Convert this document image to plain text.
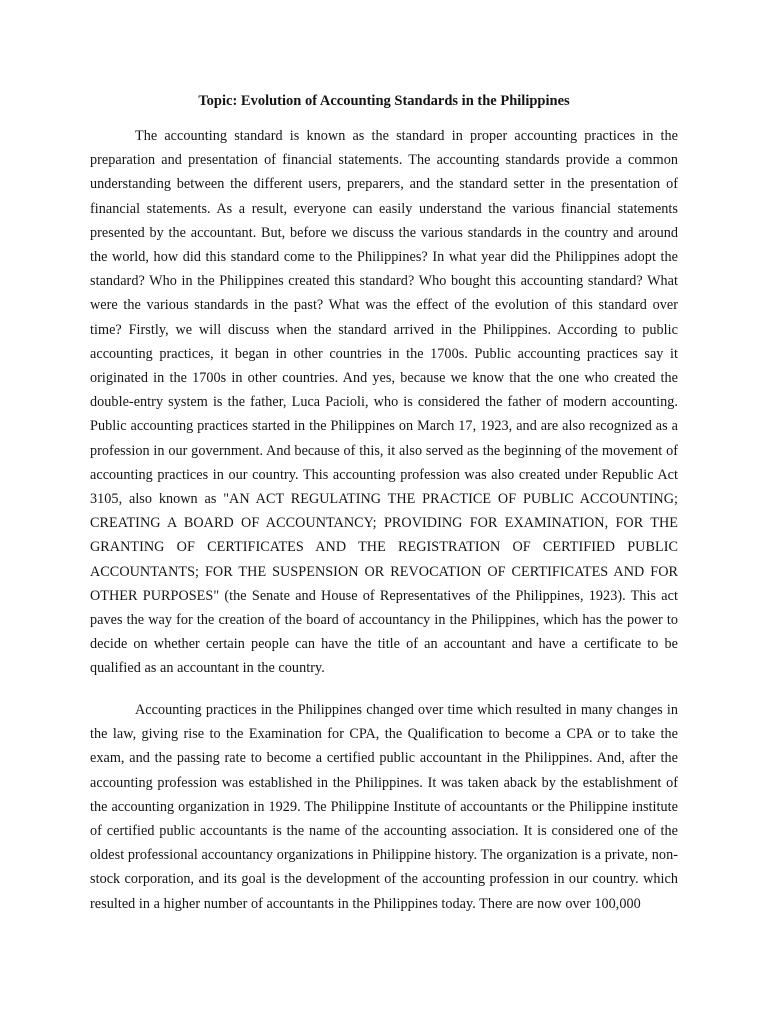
Topic: Evolution of Accounting Standards in the Philippines

The accounting standard is known as the standard in proper accounting practices in the preparation and presentation of financial statements. The accounting standards provide a common understanding between the different users, preparers, and the standard setter in the presentation of financial statements. As a result, everyone can easily understand the various financial statements presented by the accountant. But, before we discuss the various standards in the country and around the world, how did this standard come to the Philippines? In what year did the Philippines adopt the standard? Who in the Philippines created this standard? Who bought this accounting standard? What were the various standards in the past? What was the effect of the evolution of this standard over time? Firstly, we will discuss when the standard arrived in the Philippines. According to public accounting practices, it began in other countries in the 1700s. Public accounting practices say it originated in the 1700s in other countries. And yes, because we know that the one who created the double-entry system is the father, Luca Pacioli, who is considered the father of modern accounting. Public accounting practices started in the Philippines on March 17, 1923, and are also recognized as a profession in our government. And because of this, it also served as the beginning of the movement of accounting practices in our country. This accounting profession was also created under Republic Act 3105, also known as "AN ACT REGULATING THE PRACTICE OF PUBLIC ACCOUNTING; CREATING A BOARD OF ACCOUNTANCY; PROVIDING FOR EXAMINATION, FOR THE GRANTING OF CERTIFICATES AND THE REGISTRATION OF CERTIFIED PUBLIC ACCOUNTANTS; FOR THE SUSPENSION OR REVOCATION OF CERTIFICATES AND FOR OTHER PURPOSES" (the Senate and House of Representatives of the Philippines, 1923). This act paves the way for the creation of the board of accountancy in the Philippines, which has the power to decide on whether certain people can have the title of an accountant and have a certificate to be qualified as an accountant in the country.

Accounting practices in the Philippines changed over time which resulted in many changes in the law, giving rise to the Examination for CPA, the Qualification to become a CPA or to take the exam, and the passing rate to become a certified public accountant in the Philippines. And, after the accounting profession was established in the Philippines. It was taken aback by the establishment of the accounting organization in 1929. The Philippine Institute of accountants or the Philippine institute of certified public accountants is the name of the accounting association. It is considered one of the oldest professional accountancy organizations in Philippine history. The organization is a private, non-stock corporation, and its goal is the development of the accounting profession in our country. which resulted in a higher number of accountants in the Philippines today. There are now over 100,000
